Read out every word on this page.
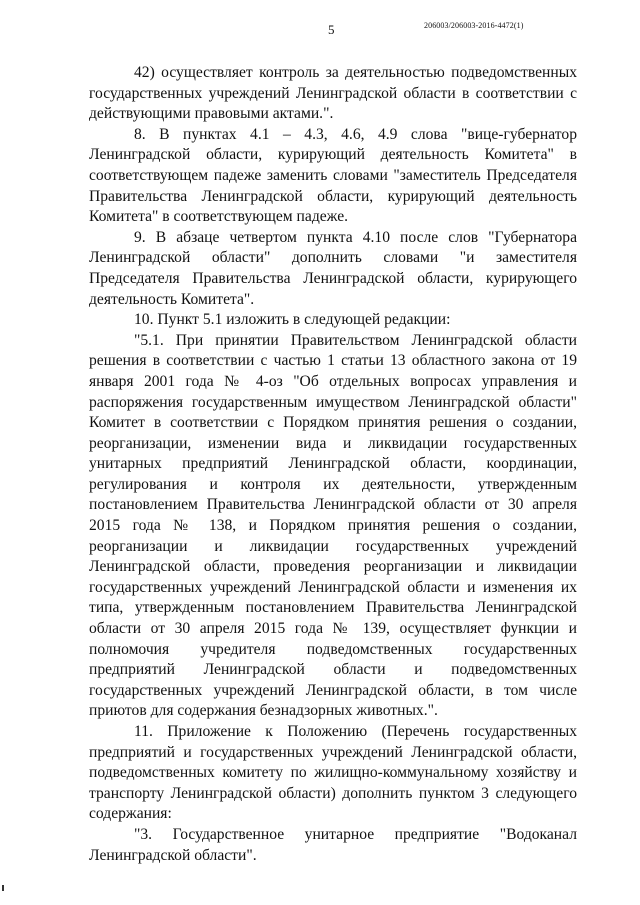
5	206003/206003-2016-4472(1)

42) осуществляет контроль за деятельностью подведомственных государственных учреждений Ленинградской области в соответствии с действующими правовыми актами.".

8. В пунктах 4.1 – 4.3, 4.6, 4.9 слова "вице-губернатор Ленинградской области, курирующий деятельность Комитета" в соответствующем падеже заменить словами "заместитель Председателя Правительства Ленинградской области, курирующий деятельность Комитета" в соответствующем падеже.

9. В абзаце четвертом пункта 4.10 после слов "Губернатора Ленинградской области" дополнить словами "и заместителя Председателя Правительства Ленинградской области, курирующего деятельность Комитета".

10. Пункт 5.1 изложить в следующей редакции:

"5.1. При принятии Правительством Ленинградской области решения в соответствии с частью 1 статьи 13 областного закона от 19 января 2001 года № 4-оз "Об отдельных вопросах управления и распоряжения государственным имуществом Ленинградской области" Комитет в соответствии с Порядком принятия решения о создании, реорганизации, изменении вида и ликвидации государственных унитарных предприятий Ленинградской области, координации, регулирования и контроля их деятельности, утвержденным постановлением Правительства Ленинградской области от 30 апреля 2015 года № 138, и Порядком принятия решения о создании, реорганизации и ликвидации государственных учреждений Ленинградской области, проведения реорганизации и ликвидации государственных учреждений Ленинградской области и изменения их типа, утвержденным постановлением Правительства Ленинградской области от 30 апреля 2015 года № 139, осуществляет функции и полномочия учредителя подведомственных государственных предприятий Ленинградской области и подведомственных государственных учреждений Ленинградской области, в том числе приютов для содержания безнадзорных животных.".

11. Приложение к Положению (Перечень государственных предприятий и государственных учреждений Ленинградской области, подведомственных комитету по жилищно-коммунальному хозяйству и транспорту Ленинградской области) дополнить пунктом 3 следующего содержания:

"3. Государственное унитарное предприятие "Водоканал Ленинградской области".
